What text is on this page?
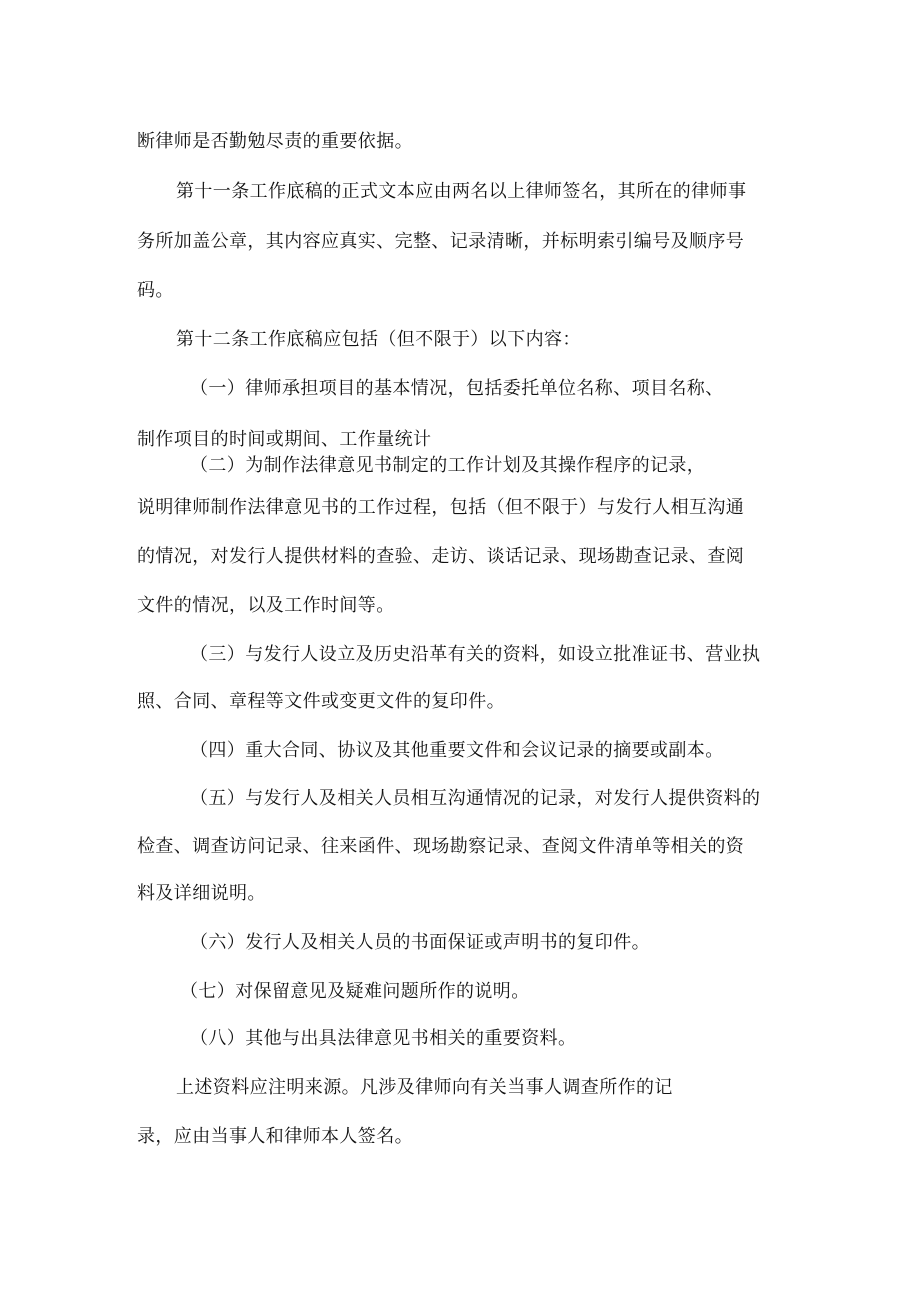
断律师是否勤勉尽责的重要依据。
第十一条工作底稿的正式文本应由两名以上律师签名，其所在的律师事
务所加盖公章，其内容应真实、完整、记录清晰，并标明索引编号及顺序号
码。
第十二条工作底稿应包括（但不限于）以下内容：
（一）律师承担项目的基本情况，包括委托单位名称、项目名称、
制作项目的时间或期间、工作量统计
（二）为制作法律意见书制定的工作计划及其操作程序的记录，
说明律师制作法律意见书的工作过程，包括（但不限于）与发行人相互沟通
的情况，对发行人提供材料的查验、走访、谈话记录、现场勘查记录、查阅
文件的情况，以及工作时间等。
（三）与发行人设立及历史沿革有关的资料，如设立批准证书、营业执
照、合同、章程等文件或变更文件的复印件。
（四）重大合同、协议及其他重要文件和会议记录的摘要或副本。
（五）与发行人及相关人员相互沟通情况的记录，对发行人提供资料的
检查、调查访问记录、往来函件、现场勘察记录、查阅文件清单等相关的资
料及详细说明。
（六）发行人及相关人员的书面保证或声明书的复印件。
（七）对保留意见及疑难问题所作的说明。
（八）其他与出具法律意见书相关的重要资料。
上述资料应注明来源。凡涉及律师向有关当事人调查所作的记
录，应由当事人和律师本人签名。
